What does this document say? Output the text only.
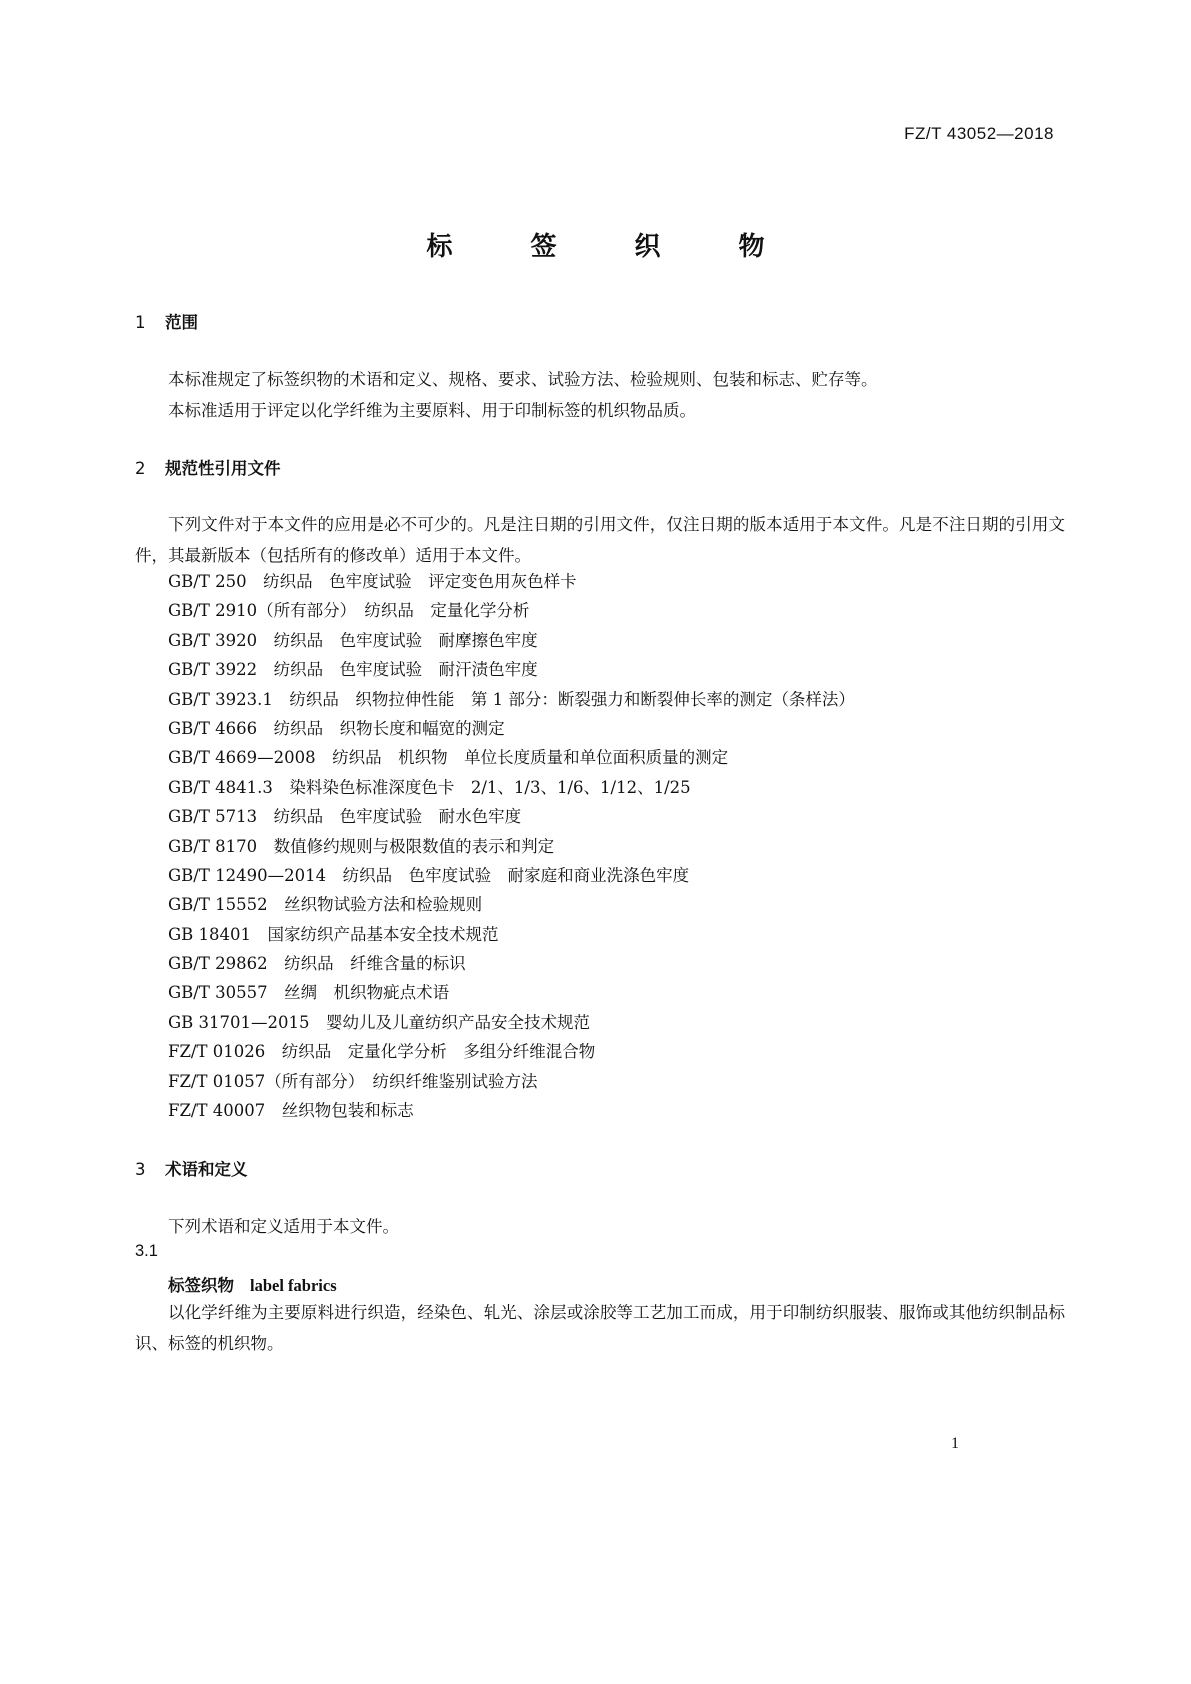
FZ/T 43052—2018
标　签　织　物
1 范围
本标准规定了标签织物的术语和定义、规格、要求、试验方法、检验规则、包装和标志、贮存等。
本标准适用于评定以化学纤维为主要原料、用于印制标签的机织物品质。
2 规范性引用文件
下列文件对于本文件的应用是必不可少的。凡是注日期的引用文件，仅注日期的版本适用于本文件。凡是不注日期的引用文件，其最新版本（包括所有的修改单）适用于本文件。
GB/T 250　纺织品　色牢度试验　评定变色用灰色样卡
GB/T 2910（所有部分）　纺织品　定量化学分析
GB/T 3920　纺织品　色牢度试验　耐摩擦色牢度
GB/T 3922　纺织品　色牢度试验　耐汗渍色牢度
GB/T 3923.1　纺织品　织物拉伸性能　第 1 部分：断裂强力和断裂伸长率的测定（条样法）
GB/T 4666　纺织品　织物长度和幅宽的测定
GB/T 4669—2008　纺织品　机织物　单位长度质量和单位面积质量的测定
GB/T 4841.3　染料染色标准深度色卡　2/1、1/3、1/6、1/12、1/25
GB/T 5713　纺织品　色牢度试验　耐水色牢度
GB/T 8170　数值修约规则与极限数值的表示和判定
GB/T 12490—2014　纺织品　色牢度试验　耐家庭和商业洗涤色牢度
GB/T 15552　丝织物试验方法和检验规则
GB 18401　国家纺织产品基本安全技术规范
GB/T 29862　纺织品　纤维含量的标识
GB/T 30557　丝绸　机织物疵点术语
GB 31701—2015　婴幼儿及儿童纺织产品安全技术规范
FZ/T 01026　纺织品　定量化学分析　多组分纤维混合物
FZ/T 01057（所有部分）　纺织纤维鉴别试验方法
FZ/T 40007　丝织物包装和标志
3 术语和定义
下列术语和定义适用于本文件。
3.1
标签织物 label fabrics
以化学纤维为主要原料进行织造，经染色、轧光、涂层或涂胶等工艺加工而成，用于印制纺织服装、服饰或其他纺织制品标识、标签的机织物。
1
